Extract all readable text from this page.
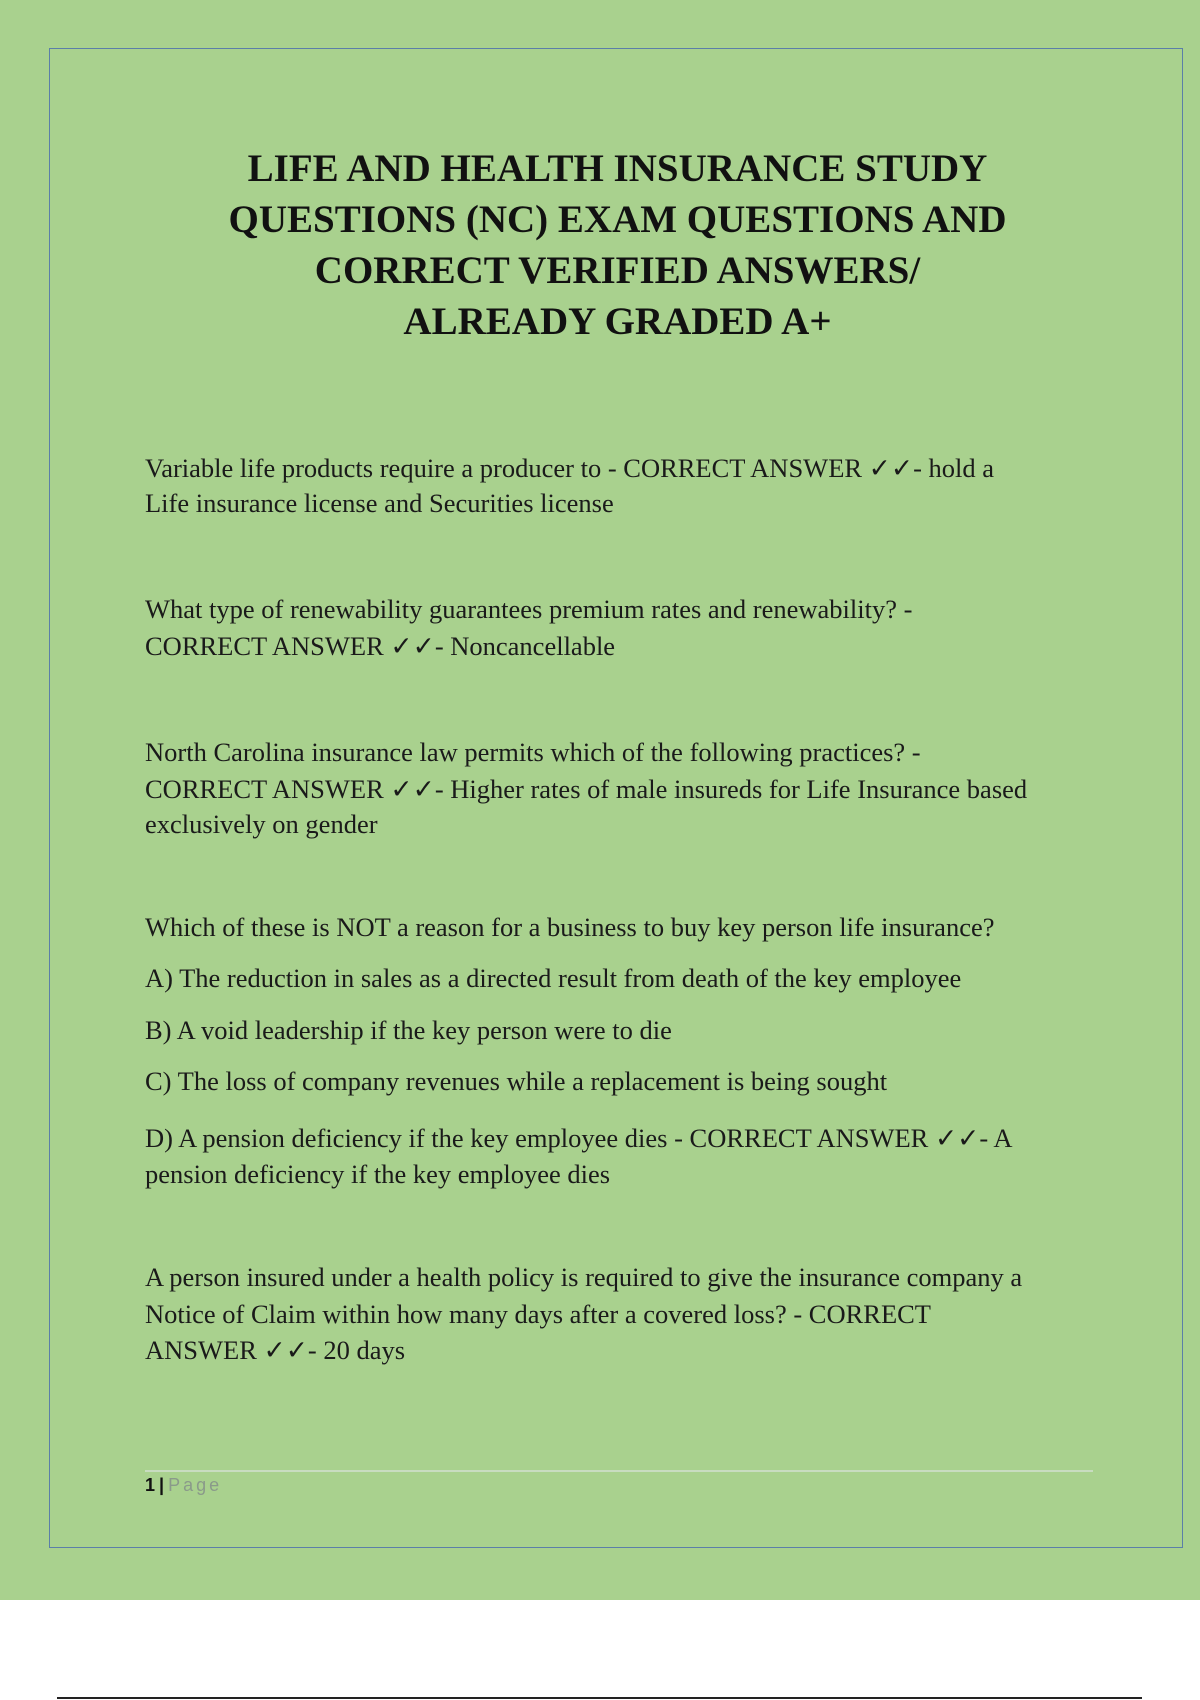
LIFE AND HEALTH INSURANCE STUDY
QUESTIONS (NC) EXAM QUESTIONS AND
CORRECT VERIFIED ANSWERS/
ALREADY GRADED A+

Variable life products require a producer to - CORRECT ANSWER ✓✓- hold a

Life insurance license and Securities license

What type of renewability guarantees premium rates and renewability? -

CORRECT ANSWER ✓✓- Noncancellable

North Carolina insurance law permits which of the following practices? -

CORRECT ANSWER ✓✓- Higher rates of male insureds for Life Insurance based

exclusively on gender

Which of these is NOT a reason for a business to buy key person life insurance?
A) The reduction in sales as a directed result from death of the key employee
B) A void leadership if the key person were to die
C) The loss of company revenues while a replacement is being sought

D) A pension deficiency if the key employee dies - CORRECT ANSWER ✓✓- A

pension deficiency if the key employee dies

A person insured under a health policy is required to give the insurance company a

Notice of Claim within how many days after a covered loss? - CORRECT

ANSWER ✓✓- 20 days

1 | Page
